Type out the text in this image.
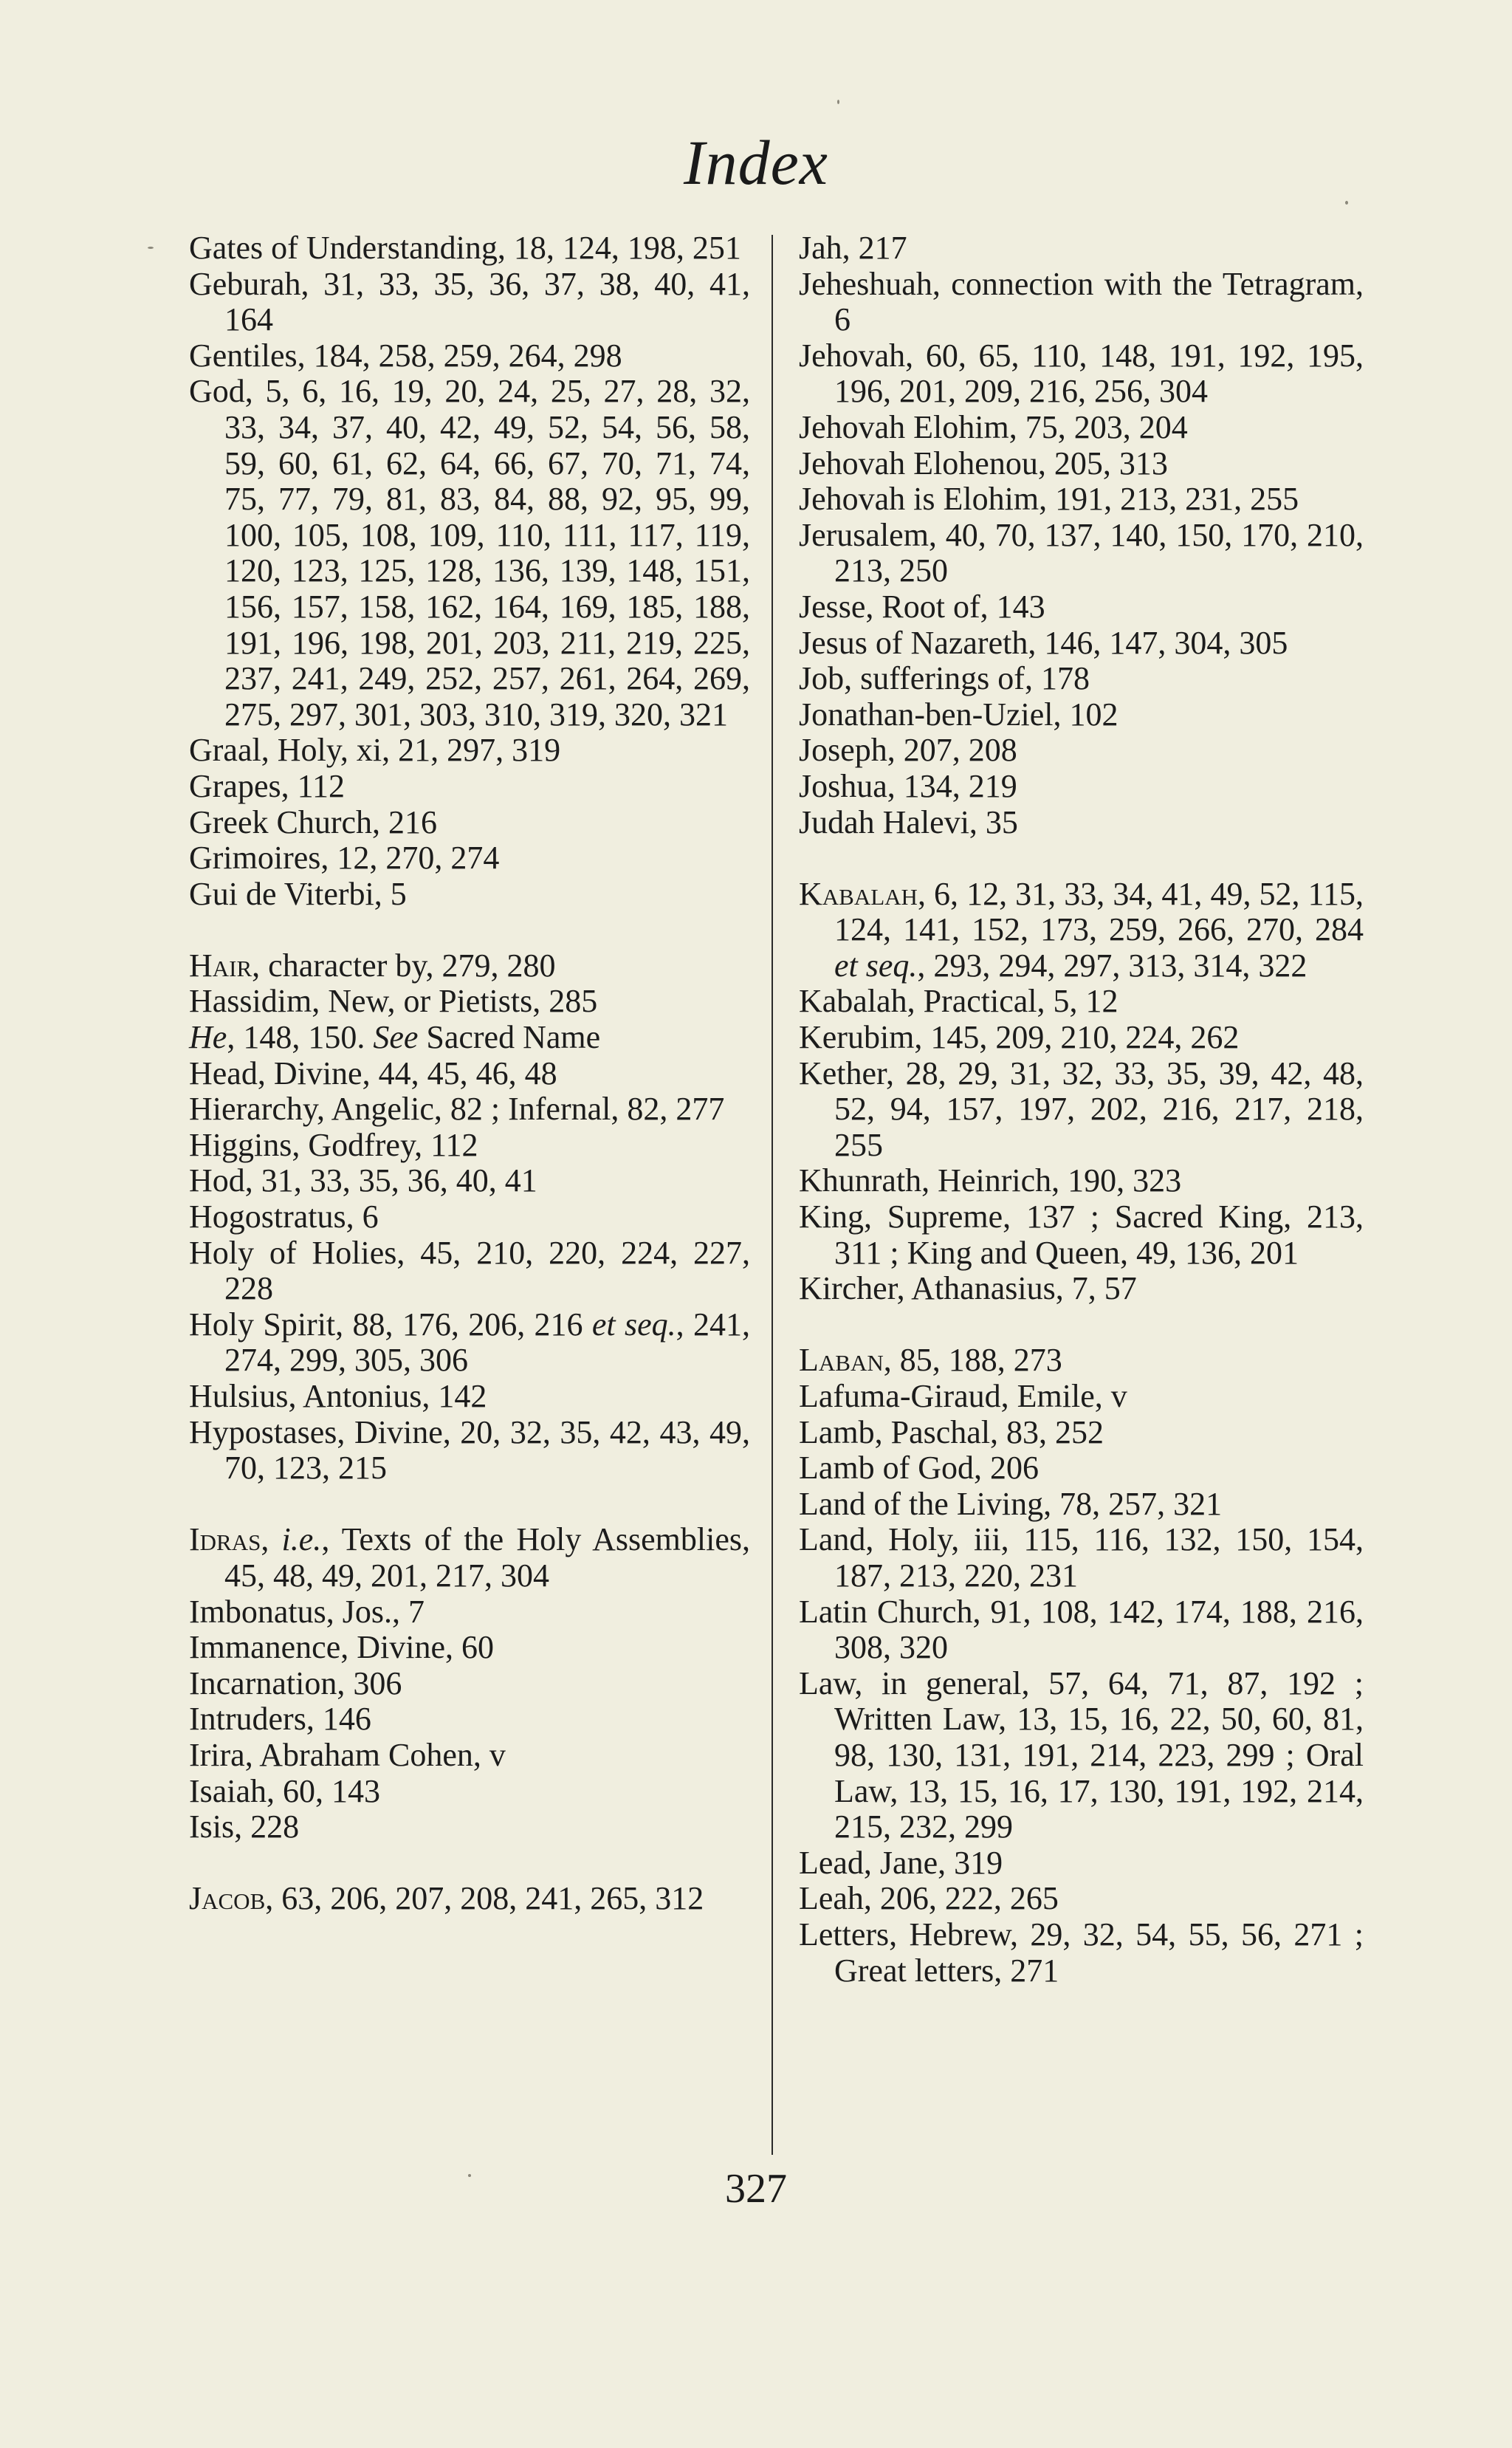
Index

Gates of Understanding, 18, 124, 198, 251

Geburah, 31, 33, 35, 36, 37, 38, 40, 41, 164

Gentiles, 184, 258, 259, 264, 298

God, 5, 6, 16, 19, 20, 24, 25, 27, 28, 32, 33, 34, 37, 40, 42, 49, 52, 54, 56, 58, 59, 60, 61, 62, 64, 66, 67, 70, 71, 74, 75, 77, 79, 81, 83, 84, 88, 92, 95, 99, 100, 105, 108, 109, 110, 111, 117, 119, 120, 123, 125, 128, 136, 139, 148, 151, 156, 157, 158, 162, 164, 169, 185, 188, 191, 196, 198, 201, 203, 211, 219, 225, 237, 241, 249, 252, 257, 261, 264, 269, 275, 297, 301, 303, 310, 319, 320, 321

Graal, Holy, xi, 21, 297, 319

Grapes, 112

Greek Church, 216

Grimoires, 12, 270, 274

Gui de Viterbi, 5

Hair, character by, 279, 280

Hassidim, New, or Pietists, 285

He, 148, 150. See Sacred Name

Head, Divine, 44, 45, 46, 48

Hierarchy, Angelic, 82 ; Infernal, 82, 277

Higgins, Godfrey, 112

Hod, 31, 33, 35, 36, 40, 41

Hogostratus, 6

Holy of Holies, 45, 210, 220, 224, 227, 228

Holy Spirit, 88, 176, 206, 216 et seq., 241, 274, 299, 305, 306

Hulsius, Antonius, 142

Hypostases, Divine, 20, 32, 35, 42, 43, 49, 70, 123, 215

Idras, i.e., Texts of the Holy Assemblies, 45, 48, 49, 201, 217, 304

Imbonatus, Jos., 7

Immanence, Divine, 60

Incarnation, 306

Intruders, 146

Irira, Abraham Cohen, v

Isaiah, 60, 143

Isis, 228

Jacob, 63, 206, 207, 208, 241, 265, 312

Jah, 217

Jeheshuah, connection with the Tetragram, 6

Jehovah, 60, 65, 110, 148, 191, 192, 195, 196, 201, 209, 216, 256, 304

Jehovah Elohim, 75, 203, 204

Jehovah Elohenou, 205, 313

Jehovah is Elohim, 191, 213, 231, 255

Jerusalem, 40, 70, 137, 140, 150, 170, 210, 213, 250

Jesse, Root of, 143

Jesus of Nazareth, 146, 147, 304, 305

Job, sufferings of, 178

Jonathan-ben-Uziel, 102

Joseph, 207, 208

Joshua, 134, 219

Judah Halevi, 35

Kabalah, 6, 12, 31, 33, 34, 41, 49, 52, 115, 124, 141, 152, 173, 259, 266, 270, 284 et seq., 293, 294, 297, 313, 314, 322

Kabalah, Practical, 5, 12

Kerubim, 145, 209, 210, 224, 262

Kether, 28, 29, 31, 32, 33, 35, 39, 42, 48, 52, 94, 157, 197, 202, 216, 217, 218, 255

Khunrath, Heinrich, 190, 323

King, Supreme, 137 ; Sacred King, 213, 311 ; King and Queen, 49, 136, 201

Kircher, Athanasius, 7, 57

Laban, 85, 188, 273

Lafuma-Giraud, Emile, v

Lamb, Paschal, 83, 252

Lamb of God, 206

Land of the Living, 78, 257, 321

Land, Holy, iii, 115, 116, 132, 150, 154, 187, 213, 220, 231

Latin Church, 91, 108, 142, 174, 188, 216, 308, 320

Law, in general, 57, 64, 71, 87, 192 ; Written Law, 13, 15, 16, 22, 50, 60, 81, 98, 130, 131, 191, 214, 223, 299 ; Oral Law, 13, 15, 16, 17, 130, 191, 192, 214, 215, 232, 299

Lead, Jane, 319

Leah, 206, 222, 265

Letters, Hebrew, 29, 32, 54, 55, 56, 271 ; Great letters, 271

327
